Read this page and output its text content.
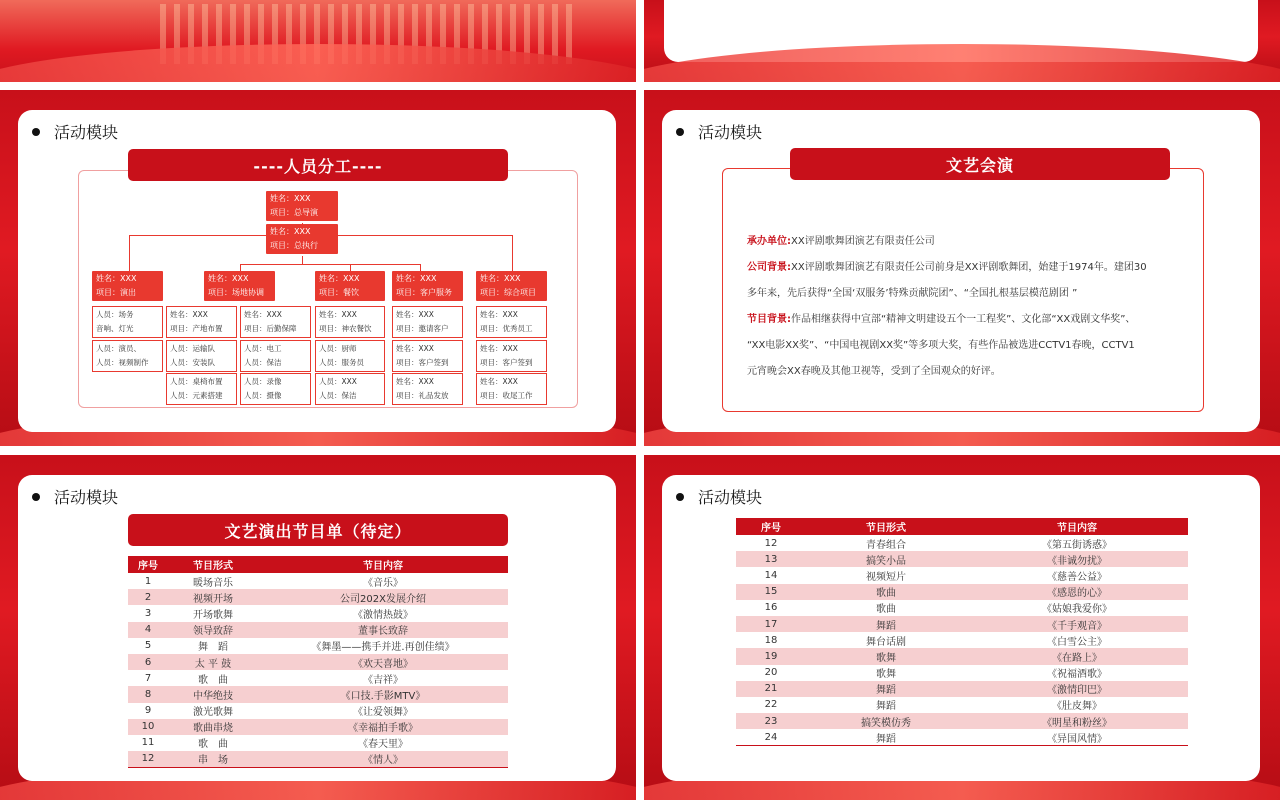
活动模块
----人员分工----
姓名：XXX
项目：总导演
姓名：XXX
项目：总执行
姓名：XXX
项目：演出
姓名：XXX
项目：场地协调
姓名：XXX
项目：餐饮
姓名：XXX
项目：客户服务
姓名：XXX
项目：综合项目
人员：场务
音响、灯光
人员：演员、
人员：视频制作
姓名：XXX
项目：产地布置
人员：运输队
人员：安装队
人员：桌椅布置
人员：元素搭建
姓名：XXX
项目：后勤保障
人员：电工
人员：保洁
人员：录像
人员：摄像
姓名：XXX
项目：神农餐饮
人员：厨师
人员：服务员
人员：XXX
人员：保洁
姓名：XXX
项目：邀请客户
姓名：XXX
项目：客户签到
姓名：XXX
项目：礼品发放
姓名：XXX
项目：优秀员工
姓名：XXX
项目：客户签到
姓名：XXX
项目：收尾工作
活动模块
承办单位:XX评剧歌舞团演艺有限责任公司
公司背景:XX评剧歌舞团演艺有限责任公司前身是XX评剧歌舞团，始建于1974年。建团30
多年来，先后获得“全国‘双服务’特殊贡献院团”、“全国扎根基层模范剧团 ”
节目背景:作品相继获得中宣部“精神文明建设五个一工程奖”、文化部“XX戏剧文华奖”、
“XX电影XX奖”、“中国电视剧XX奖”等多项大奖，有些作品被选进CCTV1春晚，CCTV1
元宵晚会XX春晚及其他卫视等，受到了全国观众的好评。
文艺会演
活动模块
文艺演出节目单（待定）
序号	节目形式	节目内容
1	暖场音乐	《音乐》
2	视频开场	公司202X发展介绍
3	开场歌舞	《激情热鼓》
4	领导致辞	董事长致辞
5	舞　蹈	《舞墨——携手并进.再创佳绩》
6	太 平 鼓	《欢天喜地》
7	歌　曲	《吉祥》
8	中华绝技	《口技.手影MTV》
9	激光歌舞	《让爱领舞》
10	歌曲串烧	《幸福拍手歌》
11	歌　曲	《春天里》
12	串　场	《情人》
活动模块
序号	节目形式	节目内容
12	青春组合	《第五街诱惑》
13	搞笑小品	《非诚勿扰》
14	视频短片	《慈善公益》
15	歌曲	《感恩的心》
16	歌曲	《姑娘我爱你》
17	舞蹈	《千手观音》
18	舞台话剧	《白雪公主》
19	歌舞	《在路上》
20	歌舞	《祝福酒歌》
21	舞蹈	《激情印巴》
22	舞蹈	《肚皮舞》
23	搞笑模仿秀	《明星和粉丝》
24	舞蹈	《异国风情》
